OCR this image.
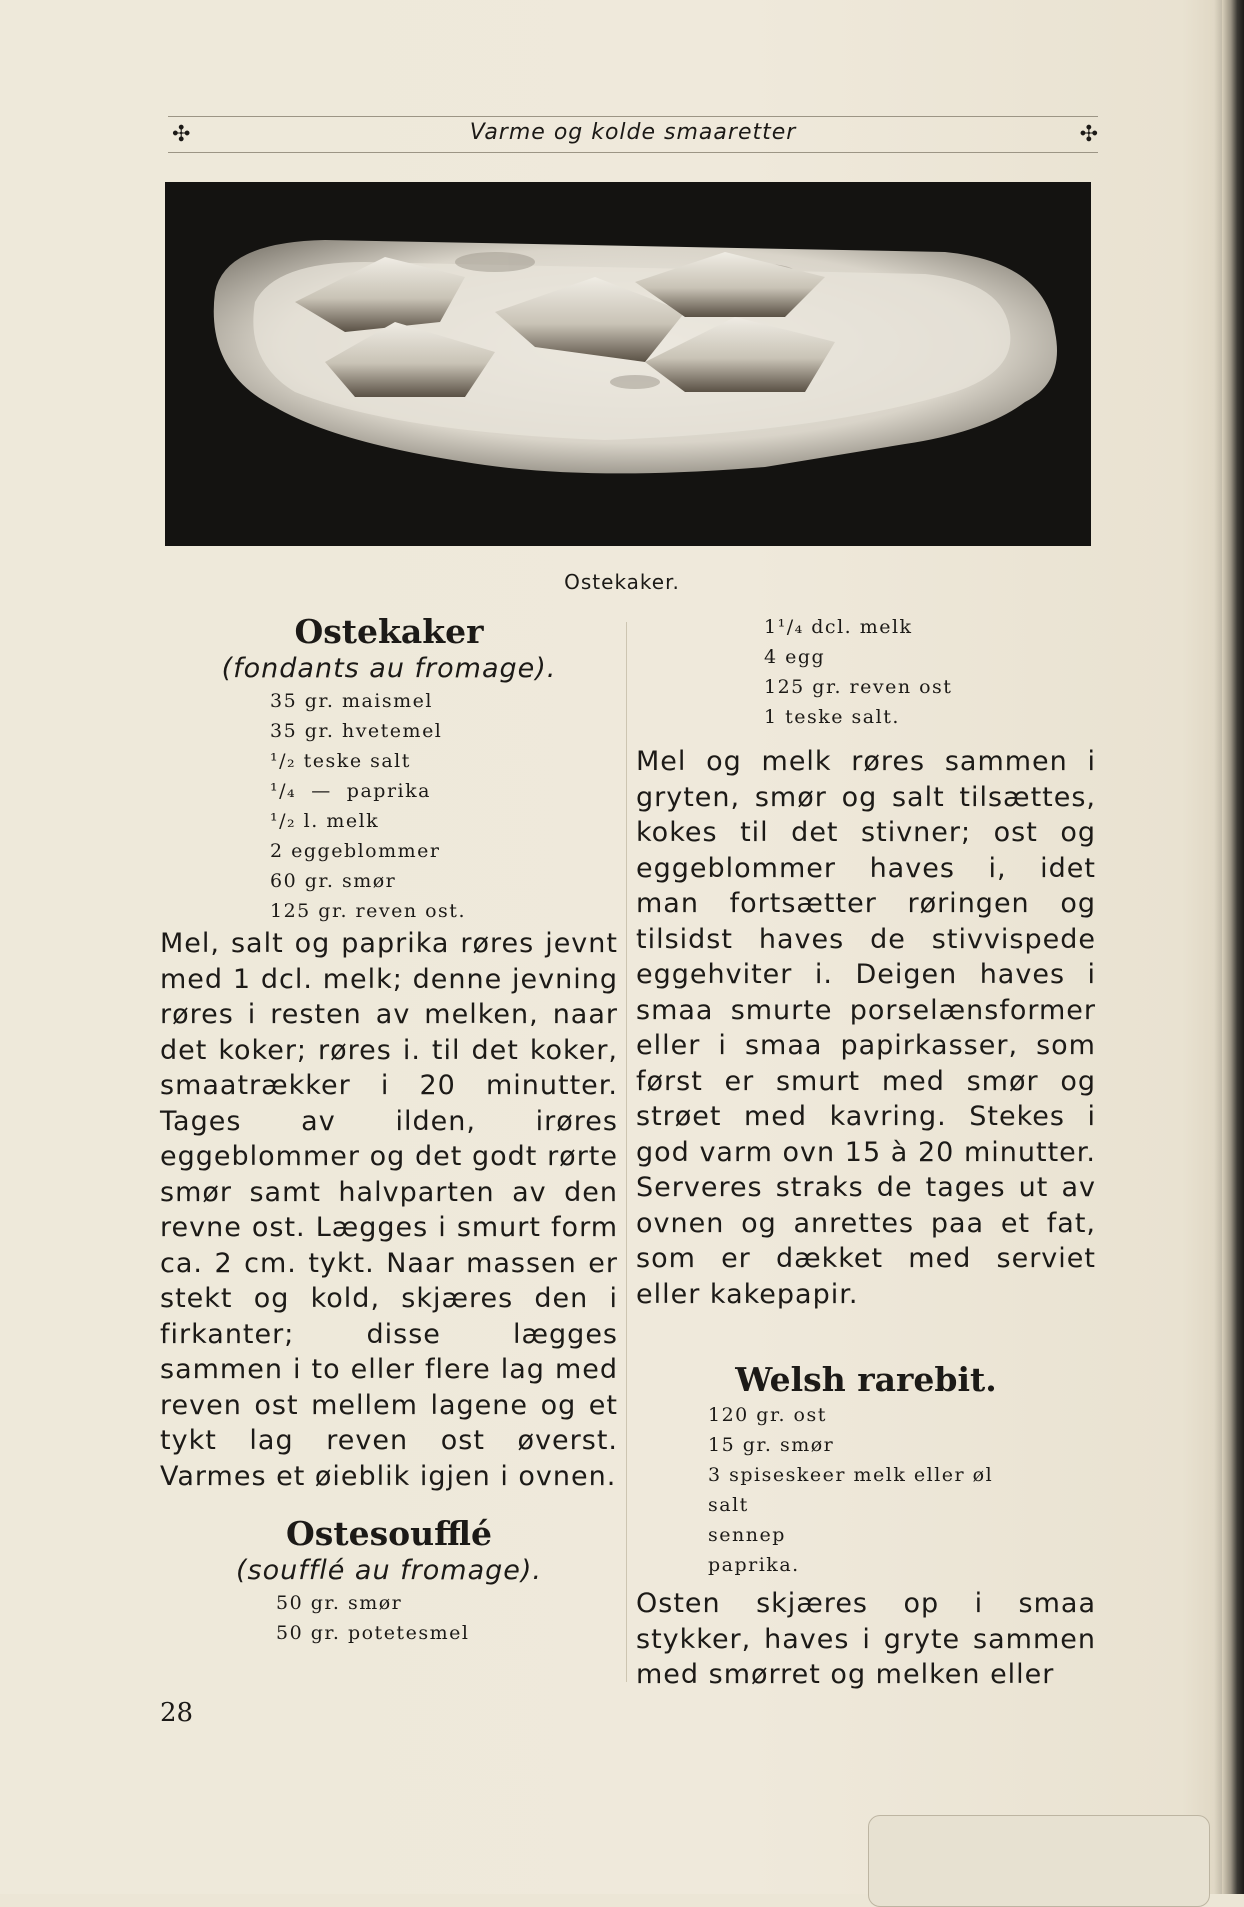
✣	Varme og kolde smaaretter	✣
Ostekaker.
Ostekaker
(fondants au fromage).
35 gr. maismel
35 gr. hvetemel
¹/₂ teske salt
¹/₄  —  paprika
¹/₂ l. melk
2 eggeblommer
60 gr. smør
125 gr. reven ost.
Mel, salt og paprika røres jevnt med 1 dcl. melk; denne jevning røres i resten av melken, naar det koker; røres i. til det koker, smaatrækker i 20 minutter. Tages av ilden, irøres eggeblommer og det godt rørte smør samt halvparten av den revne ost. Lægges i smurt form ca. 2 cm. tykt. Naar massen er stekt og kold, skjæres den i firkanter; disse lægges sammen i to eller flere lag med reven ost mellem lagene og et tykt lag reven ost øverst. Varmes et øieblik igjen i ovnen.
Ostesoufflé
(soufflé au fromage).
50 gr. smør
50 gr. potetesmel
1¹/₄ dcl. melk
4 egg
125 gr. reven ost
1 teske salt.
Mel og melk røres sammen i gryten, smør og salt tilsættes, kokes til det stivner; ost og eggeblommer haves i, idet man fortsætter røringen og tilsidst haves de stivvispede eggehviter i. Deigen haves i smaa smurte porselænsformer eller i smaa papirkasser, som først er smurt med smør og strøet med kavring. Stekes i god varm ovn 15 à 20 minutter. Serveres straks de tages ut av ovnen og anrettes paa et fat, som er dække​t med serviet eller kakepapir.
Welsh rarebit.
120 gr. ost
15 gr. smør
3 spiseskeer melk eller øl
salt
sennep
paprika.
Osten skjæres op i smaa stykker, haves i gryte sammen med smørret og melken eller
28
